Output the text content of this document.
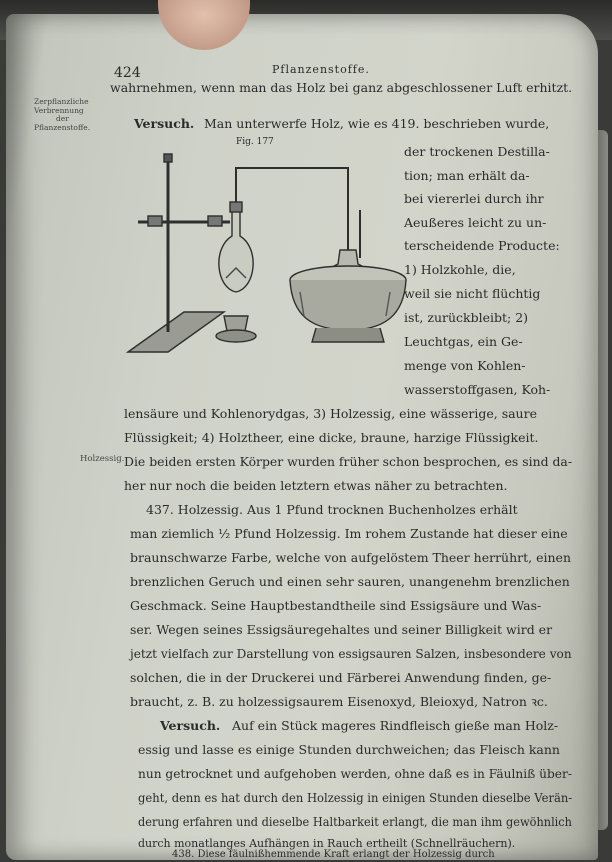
424	Pflanzenstoffe.
Zerpflanzliche
Verbrennung
der
Pflanzenstoffe.
Holzessig.
Fig. 177
wahrnehmen, wenn man das Holz bei ganz abgeschlossener Luft erhitzt.
Versuch. Man unterwerfe Holz, wie es 419. beschrieben wurde,
der trockenen Destilla-
tion; man erhält da-
bei viererlei durch ihr
Aeußeres leicht zu un-
terscheidende Producte:
1) Holzkohle, die,
weil sie nicht flüchtig
ist, zurückbleibt; 2)
Leuchtgas, ein Ge-
menge von Kohlen-
wasserstoffgasen, Koh-
lensäure und Kohlenorydgas, 3) Holzessig, eine wässerige, saure
Flüssigkeit; 4) Holztheer, eine dicke, braune, harzige Flüssigkeit.
Die beiden ersten Körper wurden früher schon besprochen, es sind da-
her nur noch die beiden letztern etwas näher zu betrachten.
437. Holzessig. Aus 1 Pfund trocknen Buchenholzes erhält
man ziemlich ½ Pfund Holzessig. Im rohem Zustande hat dieser eine
braunschwarze Farbe, welche von aufgelöstem Theer herrührt, einen
brenzlichen Geruch und einen sehr sauren, unangenehm brenzlichen
Geschmack. Seine Hauptbestandtheile sind Essigsäure und Was-
ser. Wegen seines Essigsäuregehaltes und seiner Billigkeit wird er
jetzt vielfach zur Darstellung von essigsauren Salzen, insbesondere von
solchen, die in der Druckerei und Färberei Anwendung finden, ge-
braucht, z. B. zu holzessigsaurem Eisenoxyd, Bleioxyd, Natron ꝛc.
Versuch. Auf ein Stück mageres Rindfleisch gieße man Holz-
essig und lasse es einige Stunden durchweichen; das Fleisch kann
nun getrocknet und aufgehoben werden, ohne daß es in Fäulniß über-
geht, denn es hat durch den Holzessig in einigen Stunden dieselbe Verän-
derung erfahren und dieselbe Haltbarkeit erlangt, die man ihm gewöhnlich
durch monatlanges Aufhängen in Rauch ertheilt (Schnellräuchern).
438. Diese fäulnißhemmende Kraft erlangt der Holzessig durch
